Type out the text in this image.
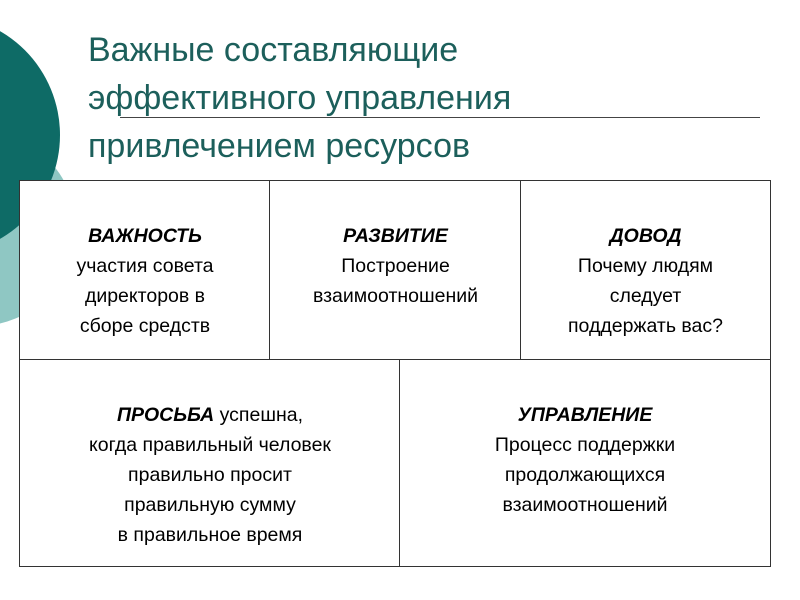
Важные составляющие
эффективного управления
привлечением ресурсов
ВАЖНОСТЬ
участия совета
директоров в
сборе средств
РАЗВИТИЕ
Построение
взаимоотношений
ДОВОД
Почему людям
следует
поддержать вас?
ПРОСЬБА успешна,
когда правильный человек
правильно просит
правильную сумму
в правильное время
УПРАВЛЕНИЕ
Процесс поддержки
продолжающихся
взаимоотношений
